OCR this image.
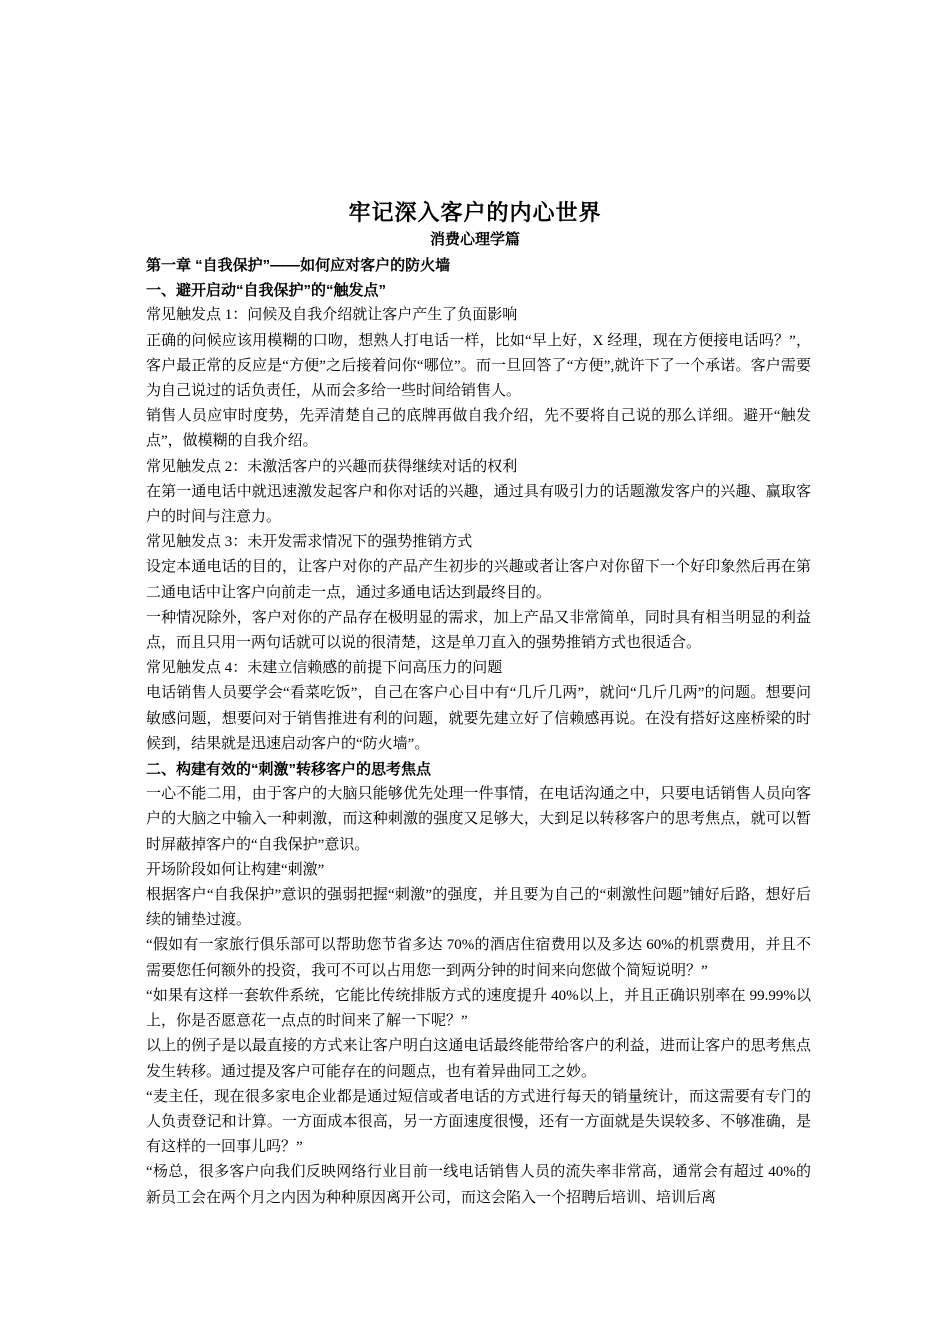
牢记深入客户的内心世界
消费心理学篇

第一章 “自我保护”——如何应对客户的防火墙

一、避开启动“自我保护”的“触发点”

常见触发点 1：问候及自我介绍就让客户产生了负面影响

正确的问候应该用模糊的口吻，想熟人打电话一样，比如“早上好，X 经理，现在方便接电话吗？”，客户最正常的反应是“方便”之后接着问你“哪位”。而一旦回答了“方便”,就许下了一个承诺。客户需要为自己说过的话负责任，从而会多给一些时间给销售人。

销售人员应审时度势，先弄清楚自己的底牌再做自我介绍，先不要将自己说的那么详细。避开“触发点”，做模糊的自我介绍。

常见触发点 2：未激活客户的兴趣而获得继续对话的权利

在第一通电话中就迅速激发起客户和你对话的兴趣，通过具有吸引力的话题激发客户的兴趣、赢取客户的时间与注意力。

常见触发点 3：未开发需求情况下的强势推销方式

设定本通电话的目的，让客户对你的产品产生初步的兴趣或者让客户对你留下一个好印象然后再在第二通电话中让客户向前走一点，通过多通电话达到最终目的。

一种情况除外，客户对你的产品存在极明显的需求，加上产品又非常简单，同时具有相当明显的利益点，而且只用一两句话就可以说的很清楚，这是单刀直入的强势推销方式也很适合。

常见触发点 4：未建立信赖感的前提下问高压力的问题

电话销售人员要学会“看菜吃饭”，自己在客户心目中有“几斤几两”，就问“几斤几两”的问题。想要问敏感问题，想要问对于销售推进有利的问题，就要先建立好了信赖感再说。在没有搭好这座桥梁的时候到，结果就是迅速启动客户的“防火墙”。

二、构建有效的“刺激”转移客户的思考焦点

一心不能二用，由于客户的大脑只能够优先处理一件事情，在电话沟通之中，只要电话销售人员向客户的大脑之中输入一种刺激，而这种刺激的强度又足够大，大到足以转移客户的思考焦点，就可以暂时屏蔽掉客户的“自我保护”意识。

开场阶段如何让构建“刺激”

根据客户“自我保护”意识的强弱把握“刺激”的强度，并且要为自己的“刺激性问题”铺好后路，想好后续的铺垫过渡。

“假如有一家旅行俱乐部可以帮助您节省多达 70%的酒店住宿费用以及多达 60%的机票费用，并且不需要您任何额外的投资，我可不可以占用您一到两分钟的时间来向您做个简短说明？”

“如果有这样一套软件系统，它能比传统排版方式的速度提升 40%以上，并且正确识别率在 99.99%以上，你是否愿意花一点点的时间来了解一下呢？”

以上的例子是以最直接的方式来让客户明白这通电话最终能带给客户的利益，进而让客户的思考焦点发生转移。通过提及客户可能存在的问题点，也有着异曲同工之妙。

“麦主任，现在很多家电企业都是通过短信或者电话的方式进行每天的销量统计，而这需要有专门的人负责登记和计算。一方面成本很高，另一方面速度很慢，还有一方面就是失误较多、不够准确，是有这样的一回事儿吗？”

“杨总，很多客户向我们反映网络行业目前一线电话销售人员的流失率非常高，通常会有超过 40%的新员工会在两个月之内因为种种原因离开公司，而这会陷入一个招聘后培训、培训后离
